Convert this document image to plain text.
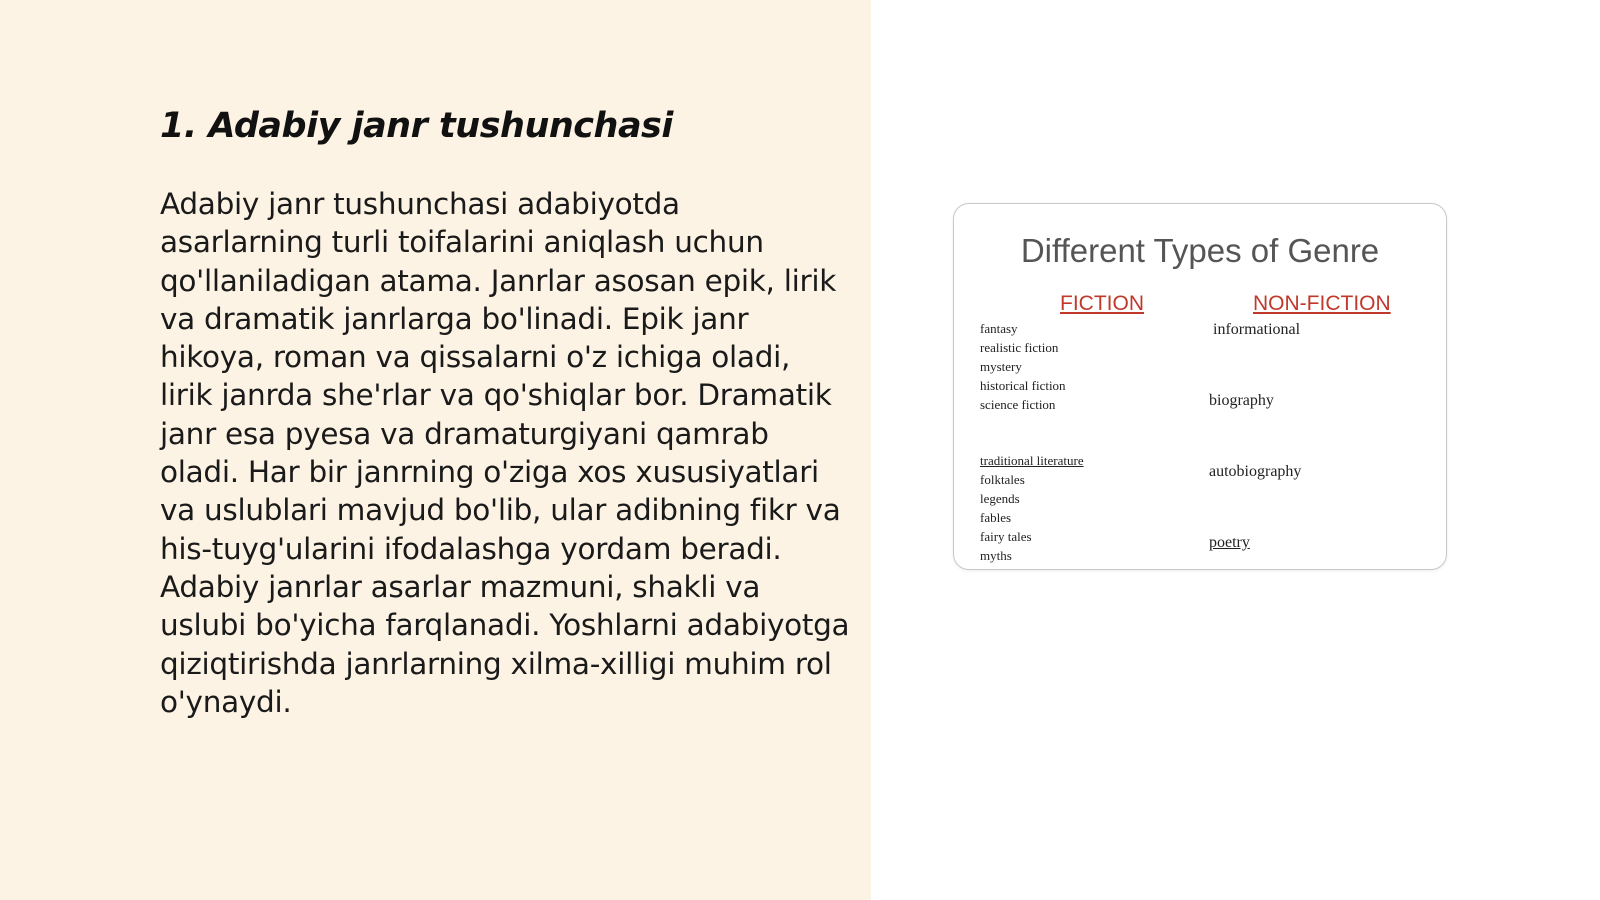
1. Adabiy janr tushunchasi

Adabiy janr tushunchasi adabiyotda asarlarning turli toifalarini aniqlash uchun qo'llaniladigan atama. Janrlar asosan epik, lirik va dramatik janrlarga bo'linadi. Epik janr hikoya, roman va qissalarni o'z ichiga oladi, lirik janrda she'rlar va qo'shiqlar bor. Dramatik janr esa pyesa va dramaturgiyani qamrab oladi. Har bir janrning o'ziga xos xususiyatlari va uslublari mavjud bo'lib, ular adibning fikr va his-tuyg'ularini ifodalashga yordam beradi. Adabiy janrlar asarlar mazmuni, shakli va uslubi bo'yicha farqlanadi. Yoshlarni adabiyotga qiziqtirishda janrlarning xilma-xilligi muhim rol o'ynaydi.

Different Types of Genre
FICTION	NON-FICTION
fantasy
realistic fiction
mystery
historical fiction
science fiction
traditional literature
folktales
legends
fables
fairy tales
myths
informational
biography
autobiography
poetry
